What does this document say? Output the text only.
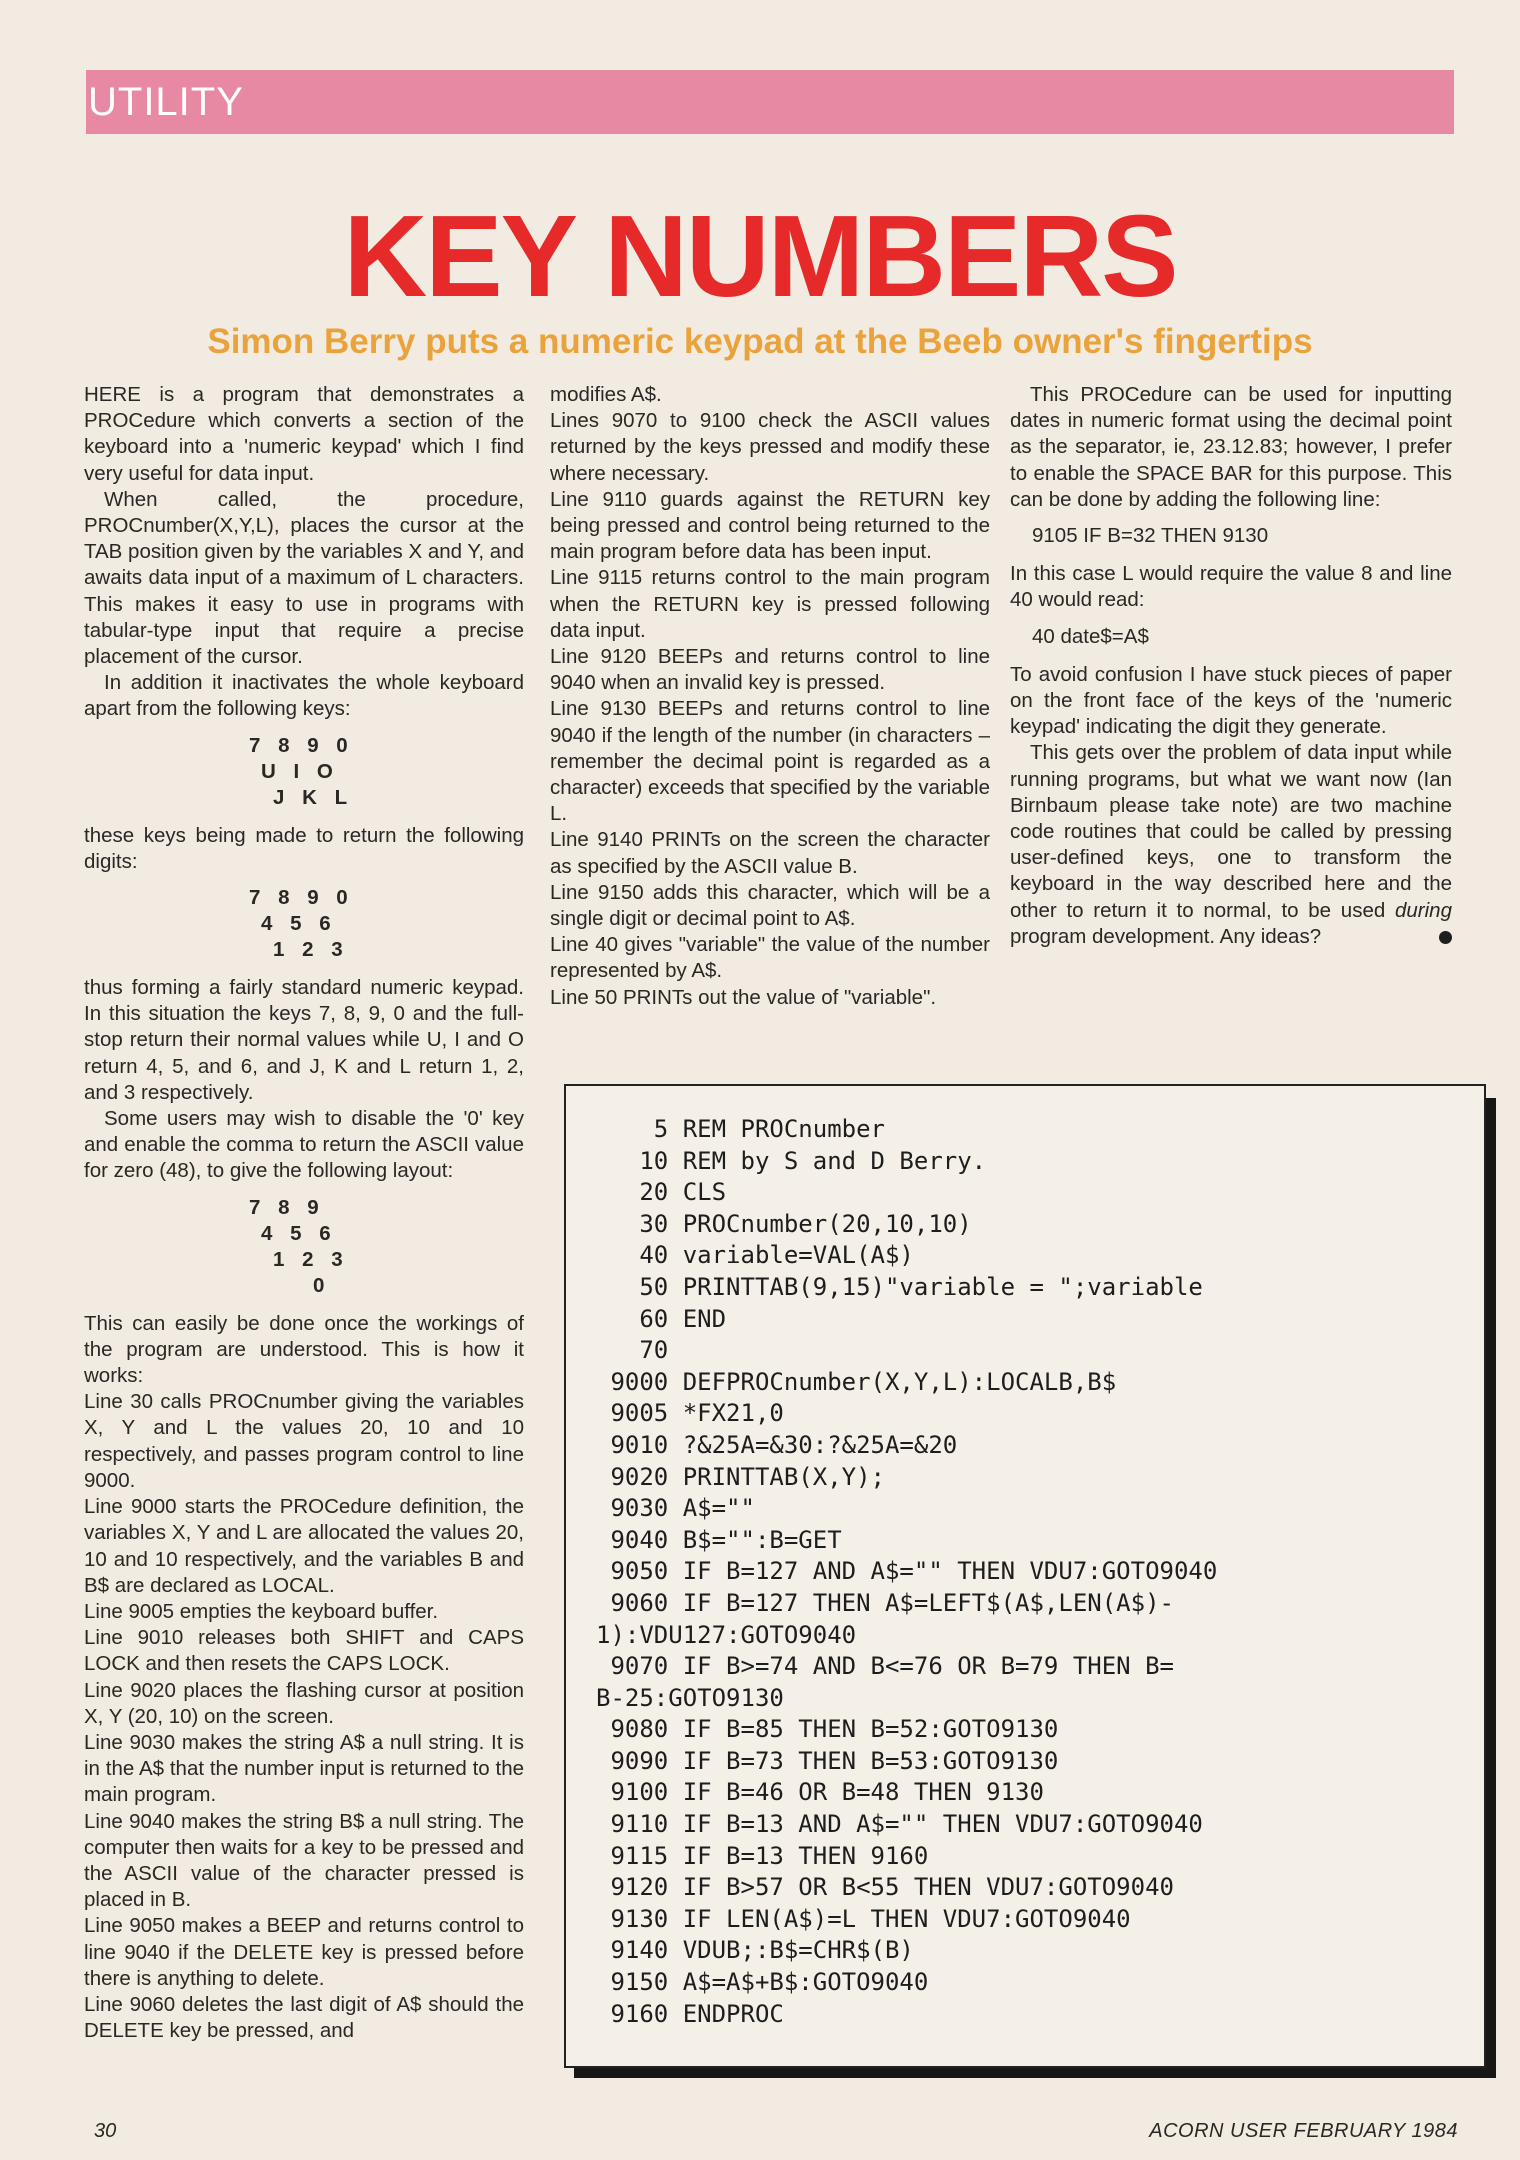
UTILITY
KEY NUMBERS
Simon Berry puts a numeric keypad at the Beeb owner's fingertips

HERE is a program that demonstrates a PROCedure which converts a section of the keyboard into a 'numeric keypad' which I find very useful for data input.

When called, the procedure, PROCnumber(X,Y,L), places the cursor at the TAB position given by the variables X and Y, and awaits data input of a maximum of L characters. This makes it easy to use in programs with tabular-type input that require a precise placement of the cursor.

In addition it inactivates the whole keyboard apart from the following keys:

7 8 9 0
U I O
J K L

these keys being made to return the following digits:

7 8 9 0
4 5 6
1 2 3

thus forming a fairly standard numeric keypad. In this situation the keys 7, 8, 9, 0 and the full-stop return their normal values while U, I and O return 4, 5, and 6, and J, K and L return 1, 2, and 3 respectively.

Some users may wish to disable the '0' key and enable the comma to return the ASCII value for zero (48), to give the following layout:

7 8 9
4 5 6
1 2 3
0

This can easily be done once the workings of the program are understood. This is how it works:

Line 30 calls PROCnumber giving the variables X, Y and L the values 20, 10 and 10 respectively, and passes program control to line 9000.

Line 9000 starts the PROCedure definition, the variables X, Y and L are allocated the values 20, 10 and 10 respectively, and the variables B and B$ are declared as LOCAL.

Line 9005 empties the keyboard buffer.

Line 9010 releases both SHIFT and CAPS LOCK and then resets the CAPS LOCK.

Line 9020 places the flashing cursor at position X, Y (20, 10) on the screen.

Line 9030 makes the string A$ a null string. It is in the A$ that the number input is returned to the main program.

Line 9040 makes the string B$ a null string. The computer then waits for a key to be pressed and the ASCII value of the character pressed is placed in B.

Line 9050 makes a BEEP and returns control to line 9040 if the DELETE key is pressed before there is anything to delete.

Line 9060 deletes the last digit of A$ should the DELETE key be pressed, and

modifies A$.

Lines 9070 to 9100 check the ASCII values returned by the keys pressed and modify these where necessary.

Line 9110 guards against the RETURN key being pressed and control being returned to the main program before data has been input.

Line 9115 returns control to the main program when the RETURN key is pressed following data input.

Line 9120 BEEPs and returns control to line 9040 when an invalid key is pressed.

Line 9130 BEEPs and returns control to line 9040 if the length of the number (in characters – remember the decimal point is regarded as a character) exceeds that specified by the variable L.

Line 9140 PRINTs on the screen the character as specified by the ASCII value B.

Line 9150 adds this character, which will be a single digit or decimal point to A$.

Line 40 gives "variable" the value of the number represented by A$.

Line 50 PRINTs out the value of "variable".

This PROCedure can be used for inputting dates in numeric format using the decimal point as the separator, ie, 23.12.83; however, I prefer to enable the SPACE BAR for this purpose. This can be done by adding the following line:

9105 IF B=32 THEN 9130

In this case L would require the value 8 and line 40 would read:

40 date$=A$

To avoid confusion I have stuck pieces of paper on the front face of the keys of the 'numeric keypad' indicating the digit they generate.

This gets over the problem of data input while running programs, but what we want now (Ian Birnbaum please take note) are two machine code routines that could be called by pressing user-defined keys, one to transform the keyboard in the way described here and the other to return it to normal, to be used during program development. Any ideas?

5 REM PROCnumber
10 REM by S and D Berry.
20 CLS
30 PROCnumber(20,10,10)
40 variable=VAL(A$)
50 PRINTTAB(9,15)"variable = ";variable
60 END
70
9000 DEFPROCnumber(X,Y,L):LOCALB,B$
9005 *FX21,0
9010 ?&25A=&30:?&25A=&20
9020 PRINTTAB(X,Y);
9030 A$=""
9040 B$="":B=GET
9050 IF B=127 AND A$="" THEN VDU7:GOTO9040
9060 IF B=127 THEN A$=LEFT$(A$,LEN(A$)-
1):VDU127:GOTO9040
9070 IF B>=74 AND B<=76 OR B=79 THEN B=
B-25:GOTO9130
9080 IF B=85 THEN B=52:GOTO9130
9090 IF B=73 THEN B=53:GOTO9130
9100 IF B=46 OR B=48 THEN 9130
9110 IF B=13 AND A$="" THEN VDU7:GOTO9040
9115 IF B=13 THEN 9160
9120 IF B>57 OR B<55 THEN VDU7:GOTO9040
9130 IF LEN(A$)=L THEN VDU7:GOTO9040
9140 VDUB;:B$=CHR$(B)
9150 A$=A$+B$:GOTO9040
9160 ENDPROC
30	ACORN USER FEBRUARY 1984
